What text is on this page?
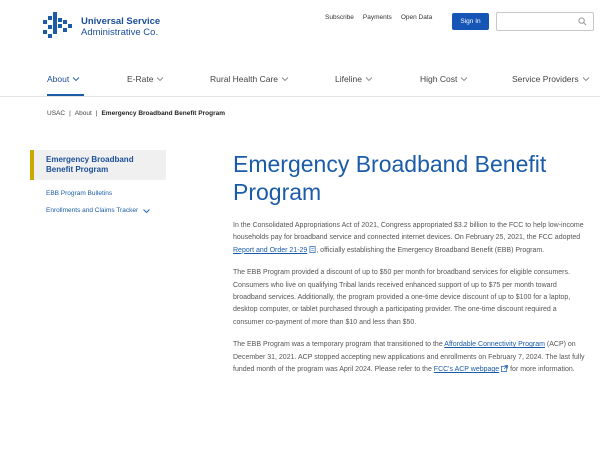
Universal Service
Administrative Co.
Subscribe Payments Open Data
Sign In
About	E-Rate	Rural Health Care	Lifeline	High Cost	Service Providers
USAC | About | Emergency Broadband Benefit Program
Emergency Broadband Benefit Program
EBB Program Bulletins
Enrollments and Claims Tracker
Emergency Broadband Benefit Program

In the Consolidated Appropriations Act of 2021, Congress appropriated $3.2 billion to the FCC to help low-income households pay for broadband service and connected internet devices. On February 25, 2021, the FCC adopted Report and Order 21-29 , officially establishing the Emergency Broadband Benefit (EBB) Program.

The EBB Program provided a discount of up to $50 per month for broadband services for eligible consumers. Consumers who live on qualifying Tribal lands received enhanced support of up to $75 per month toward broadband services. Additionally, the program provided a one-time device discount of up to $100 for a laptop, desktop computer, or tablet purchased through a participating provider. The one-time discount required a consumer co-payment of more than $10 and less than $50.

The EBB Program was a temporary program that transitioned to the Affordable Connectivity Program (ACP) on December 31, 2021. ACP stopped accepting new applications and enrollments on February 7, 2024. The last fully funded month of the program was April 2024. Please refer to the FCC's ACP webpage  for more information.
